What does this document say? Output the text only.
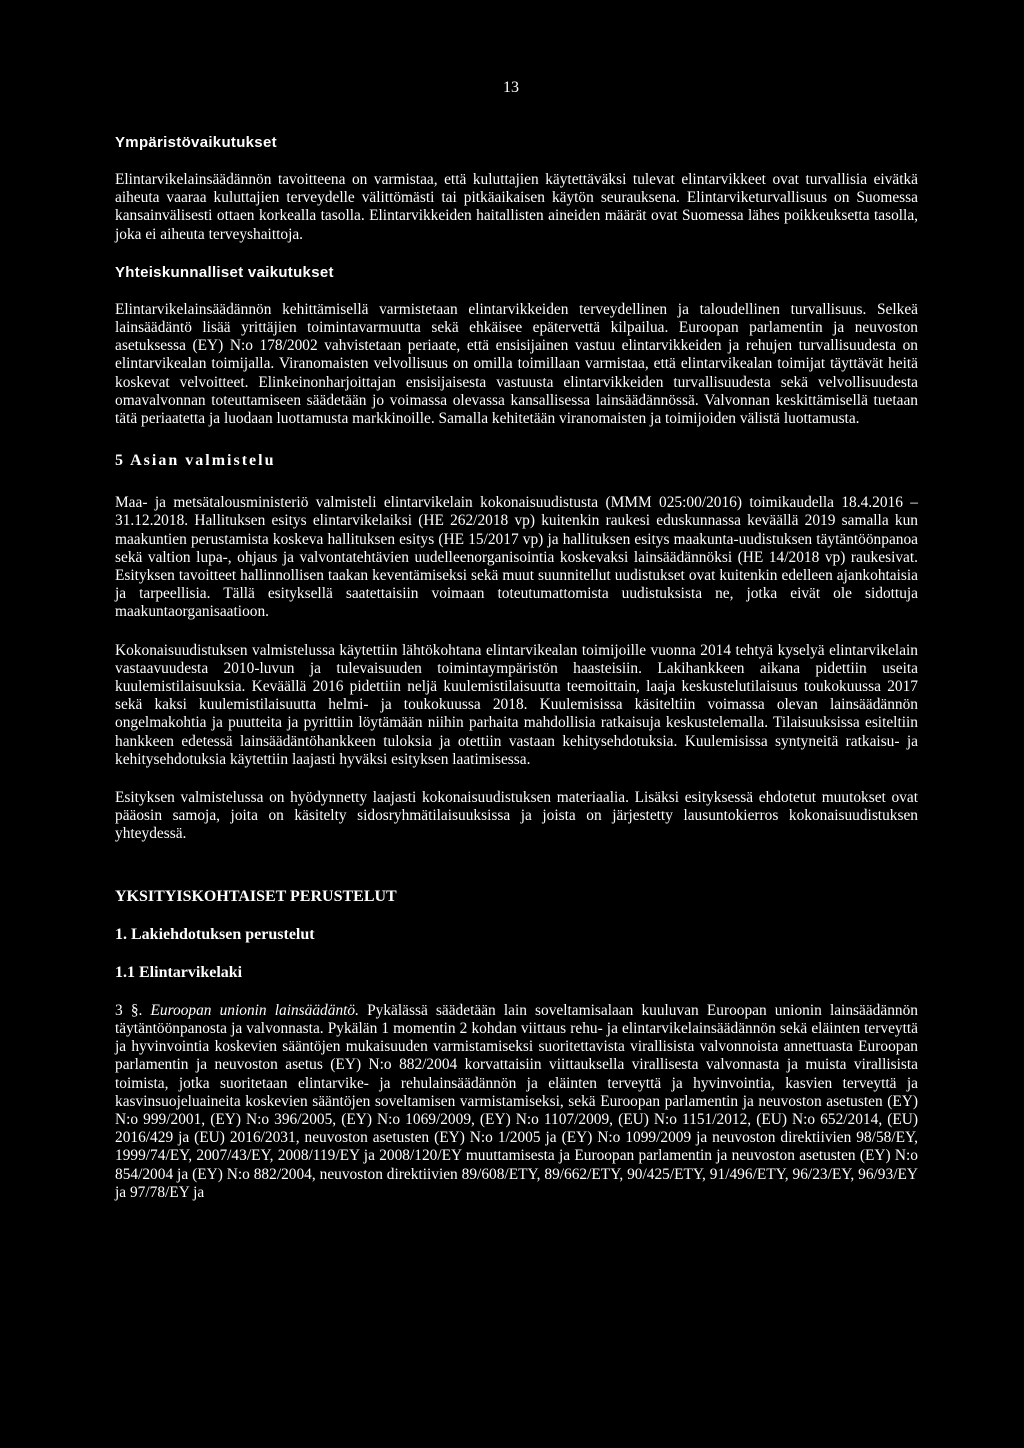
13
Ympäristövaikutukset

Elintarvikelainsäädännön tavoitteena on varmistaa, että kuluttajien käytettäväksi tulevat elintarvikkeet ovat turvallisia eivätkä aiheuta vaaraa kuluttajien terveydelle välittömästi tai pitkäaikaisen käytön seurauksena. Elintarviketurvallisuus on Suomessa kansainvälisesti ottaen korkealla tasolla. Elintarvikkeiden haitallisten aineiden määrät ovat Suomessa lähes poikkeuksetta tasolla, joka ei aiheuta terveyshaittoja.

Yhteiskunnalliset vaikutukset

Elintarvikelainsäädännön kehittämisellä varmistetaan elintarvikkeiden terveydellinen ja taloudellinen turvallisuus. Selkeä lainsäädäntö lisää yrittäjien toimintavarmuutta sekä ehkäisee epätervettä kilpailua. Euroopan parlamentin ja neuvoston asetuksessa (EY) N:o 178/2002 vahvistetaan periaate, että ensisijainen vastuu elintarvikkeiden ja rehujen turvallisuudesta on elintarvikealan toimijalla. Viranomaisten velvollisuus on omilla toimillaan varmistaa, että elintarvikealan toimijat täyttävät heitä koskevat velvoitteet. Elinkeinonharjoittajan ensisijaisesta vastuusta elintarvikkeiden turvallisuudesta sekä velvollisuudesta omavalvonnan toteuttamiseen säädetään jo voimassa olevassa kansallisessa lainsäädännössä. Valvonnan keskittämisellä tuetaan tätä periaatetta ja luodaan luottamusta markkinoille. Samalla kehitetään viranomaisten ja toimijoiden välistä luottamusta.

5 Asian valmistelu

Maa- ja metsätalousministeriö valmisteli elintarvikelain kokonaisuudistusta (MMM 025:00/2016) toimikaudella 18.4.2016 – 31.12.2018. Hallituksen esitys elintarvikelaiksi (HE 262/2018 vp) kuitenkin raukesi eduskunnassa keväällä 2019 samalla kun maakuntien perustamista koskeva hallituksen esitys (HE 15/2017 vp) ja hallituksen esitys maakunta-uudistuksen täytäntöönpanoa sekä valtion lupa-, ohjaus ja valvontatehtävien uudelleenorganisointia koskevaksi lainsäädännöksi (HE 14/2018 vp) raukesivat. Esityksen tavoitteet hallinnollisen taakan keventämiseksi sekä muut suunnitellut uudistukset ovat kuitenkin edelleen ajankohtaisia ja tarpeellisia. Tällä esityksellä saatettaisiin voimaan toteutumattomista uudistuksista ne, jotka eivät ole sidottuja maakuntaorganisaatioon.

Kokonaisuudistuksen valmistelussa käytettiin lähtökohtana elintarvikealan toimijoille vuonna 2014 tehtyä kyselyä elintarvikelain vastaavuudesta 2010-luvun ja tulevaisuuden toimintaympäristön haasteisiin. Lakihankkeen aikana pidettiin useita kuulemistilaisuuksia. Keväällä 2016 pidettiin neljä kuulemistilaisuutta teemoittain, laaja keskustelutilaisuus toukokuussa 2017 sekä kaksi kuulemistilaisuutta helmi- ja toukokuussa 2018. Kuulemisissa käsiteltiin voimassa olevan lainsäädännön ongelmakohtia ja puutteita ja pyrittiin löytämään niihin parhaita mahdollisia ratkaisuja keskustelemalla. Tilaisuuksissa esiteltiin hankkeen edetessä lainsäädäntöhankkeen tuloksia ja otettiin vastaan kehitysehdotuksia. Kuulemisissa syntyneitä ratkaisu- ja kehitysehdotuksia käytettiin laajasti hyväksi esityksen laatimisessa.

Esityksen valmistelussa on hyödynnetty laajasti kokonaisuudistuksen materiaalia. Lisäksi esityksessä ehdotetut muutokset ovat pääosin samoja, joita on käsitelty sidosryhmätilaisuuksissa ja joista on järjestetty lausuntokierros kokonaisuudistuksen yhteydessä.

YKSITYISKOHTAISET PERUSTELUT
1. Lakiehdotuksen perustelut
1.1 Elintarvikelaki

3 §. Euroopan unionin lainsäädäntö. Pykälässä säädetään lain soveltamisalaan kuuluvan Euroopan unionin lainsäädännön täytäntöönpanosta ja valvonnasta. Pykälän 1 momentin 2 kohdan viittaus rehu- ja elintarvikelainsäädännön sekä eläinten terveyttä ja hyvinvointia koskevien sääntöjen mukaisuuden varmistamiseksi suoritettavista virallisista valvonnoista annettuasta Euroopan parlamentin ja neuvoston asetus (EY) N:o 882/2004 korvattaisiin viittauksella virallisesta valvonnasta ja muista virallisista toimista, jotka suoritetaan elintarvike- ja rehulainsäädännön ja eläinten terveyttä ja hyvinvointia, kasvien terveyttä ja kasvinsuojeluaineita koskevien sääntöjen soveltamisen varmistamiseksi, sekä Euroopan parlamentin ja neuvoston asetusten (EY) N:o 999/2001, (EY) N:o 396/2005, (EY) N:o 1069/2009, (EY) N:o 1107/2009, (EU) N:o 1151/2012, (EU) N:o 652/2014, (EU) 2016/429 ja (EU) 2016/2031, neuvoston asetusten (EY) N:o 1/2005 ja (EY) N:o 1099/2009 ja neuvoston direktiivien 98/58/EY, 1999/74/EY, 2007/43/EY, 2008/119/EY ja 2008/120/EY muuttamisesta ja Euroopan parlamentin ja neuvoston asetusten (EY) N:o 854/2004 ja (EY) N:o 882/2004, neuvoston direktiivien 89/608/ETY, 89/662/ETY, 90/425/ETY, 91/496/ETY, 96/23/EY, 96/93/EY ja 97/78/EY ja
